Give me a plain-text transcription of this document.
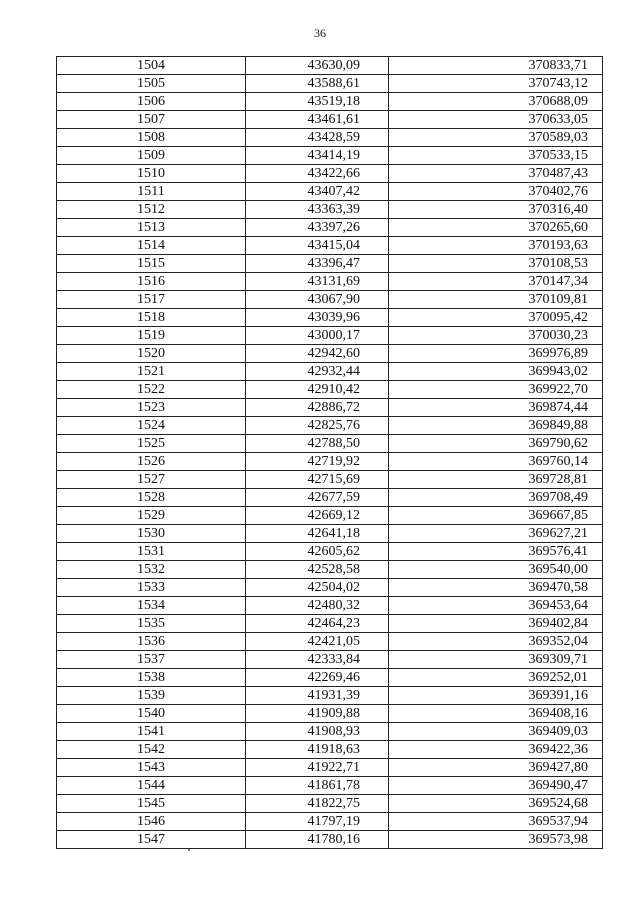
36
1504	43630,09	370833,71
1505	43588,61	370743,12
1506	43519,18	370688,09
1507	43461,61	370633,05
1508	43428,59	370589,03
1509	43414,19	370533,15
1510	43422,66	370487,43
1511	43407,42	370402,76
1512	43363,39	370316,40
1513	43397,26	370265,60
1514	43415,04	370193,63
1515	43396,47	370108,53
1516	43131,69	370147,34
1517	43067,90	370109,81
1518	43039,96	370095,42
1519	43000,17	370030,23
1520	42942,60	369976,89
1521	42932,44	369943,02
1522	42910,42	369922,70
1523	42886,72	369874,44
1524	42825,76	369849,88
1525	42788,50	369790,62
1526	42719,92	369760,14
1527	42715,69	369728,81
1528	42677,59	369708,49
1529	42669,12	369667,85
1530	42641,18	369627,21
1531	42605,62	369576,41
1532	42528,58	369540,00
1533	42504,02	369470,58
1534	42480,32	369453,64
1535	42464,23	369402,84
1536	42421,05	369352,04
1537	42333,84	369309,71
1538	42269,46	369252,01
1539	41931,39	369391,16
1540	41909,88	369408,16
1541	41908,93	369409,03
1542	41918,63	369422,36
1543	41922,71	369427,80
1544	41861,78	369490,47
1545	41822,75	369524,68
1546	41797,19	369537,94
1547	41780,16	369573,98
